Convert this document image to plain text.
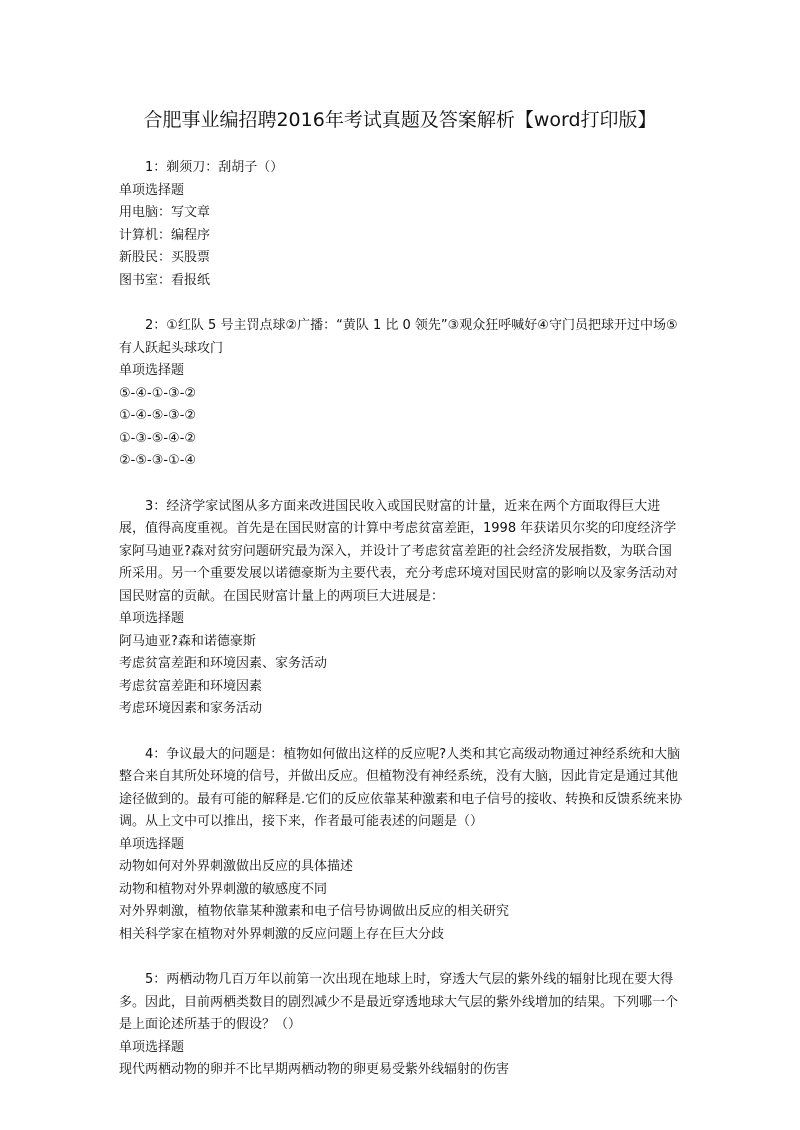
合肥事业编招聘2016年考试真题及答案解析【word打印版】
1：剃须刀：刮胡子（）
单项选择题
用电脑：写文章
计算机：编程序
新股民：买股票
图书室：看报纸
2：①红队 5 号主罚点球②广播：“黄队 1 比 0 领先”③观众狂呼喊好④守门员把球开过中场⑤有人跃起头球攻门
单项选择题
⑤-④-①-③-②
①-④-⑤-③-②
①-③-⑤-④-②
②-⑤-③-①-④
3：经济学家试图从多方面来改进国民收入或国民财富的计量，近来在两个方面取得巨大进展，值得高度重视。首先是在国民财富的计算中考虑贫富差距，1998 年获诺贝尔奖的印度经济学家阿马迪亚?森对贫穷问题研究最为深入，并设计了考虑贫富差距的社会经济发展指数，为联合国所采用。另一个重要发展以诺德豪斯为主要代表，充分考虑环境对国民财富的影响以及家务活动对国民财富的贡献。在国民财富计量上的两项巨大进展是：
单项选择题
阿马迪亚?森和诺德豪斯
考虑贫富差距和环境因素、家务活动
考虑贫富差距和环境因素
考虑环境因素和家务活动
4：争议最大的问题是：植物如何做出这样的反应呢?人类和其它高级动物通过神经系统和大脑整合来自其所处环境的信号，并做出反应。但植物没有神经系统，没有大脑，因此肯定是通过其他途径做到的。最有可能的解释是.它们的反应依靠某种激素和电子信号的接收、转换和反馈系统来协调。从上文中可以推出，接下来，作者最可能表述的问题是（）
单项选择题
动物如何对外界刺激做出反应的具体描述
动物和植物对外界刺激的敏感度不同
对外界刺激，植物依靠某种激素和电子信号协调做出反应的相关研究
相关科学家在植物对外界刺激的反应问题上存在巨大分歧
5：两栖动物几百万年以前第一次出现在地球上时，穿透大气层的紫外线的辐射比现在要大得多。因此，目前两栖类数目的剧烈减少不是最近穿透地球大气层的紫外线增加的结果。下列哪一个是上面论述所基于的假设？（）
单项选择题
现代两栖动物的卵并不比早期两栖动物的卵更易受紫外线辐射的伤害
